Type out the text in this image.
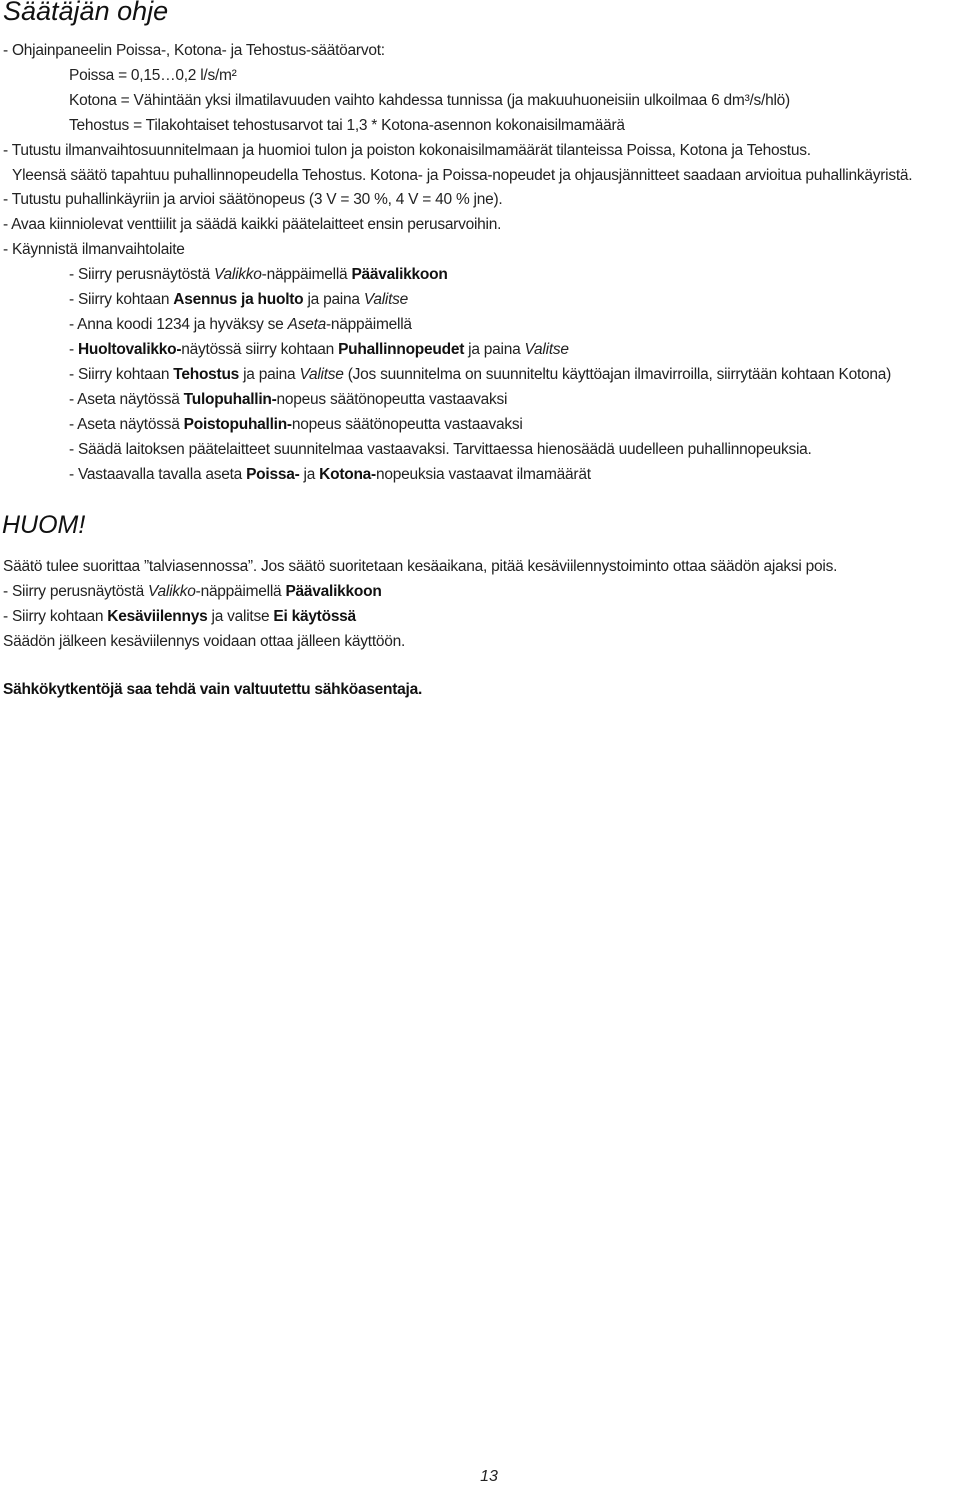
Säätäjän ohje
- Ohjainpaneelin Poissa-, Kotona- ja Tehostus-säätöarvot:
Poissa = 0,15…0,2 l/s/m²
Kotona = Vähintään yksi ilmatilavuuden vaihto kahdessa tunnissa (ja makuuhuoneisiin ulkoilmaa 6 dm³/s/hlö)
Tehostus = Tilakohtaiset tehostusarvot tai 1,3 * Kotona-asennon kokonaisilmamäärä
- Tutustu ilmanvaihtosuunnitelmaan ja huomioi tulon ja poiston kokonaisilmamäärät tilanteissa Poissa, Kotona ja Tehostus.
Yleensä säätö tapahtuu puhallinnopeudella Tehostus. Kotona- ja Poissa-nopeudet ja ohjausjännitteet saadaan arvioitua puhallinkäyristä.
- Tutustu puhallinkäyriin ja arvioi säätönopeus (3 V = 30 %, 4 V = 40 % jne).
- Avaa kiinniolevat venttiilit ja säädä kaikki päätelaitteet ensin perusarvoihin.
- Käynnistä ilmanvaihtolaite
- Siirry perusnäytöstä Valikko-näppäimellä Päävalikkoon
- Siirry kohtaan Asennus ja huolto ja paina Valitse
- Anna koodi 1234 ja hyväksy se Aseta-näppäimellä
- Huoltovalikko-näytössä siirry kohtaan Puhallinnopeudet ja paina Valitse
- Siirry kohtaan Tehostus ja paina Valitse (Jos suunnitelma on suunniteltu käyttöajan ilmavirroilla, siirrytään kohtaan Kotona)
- Aseta näytössä Tulopuhallin-nopeus säätönopeutta vastaavaksi
- Aseta näytössä Poistopuhallin-nopeus säätönopeutta vastaavaksi
- Säädä laitoksen päätelaitteet suunnitelmaa vastaavaksi. Tarvittaessa hienosäädä uudelleen puhallinnopeuksia.
- Vastaavalla tavalla aseta Poissa- ja Kotona-nopeuksia vastaavat ilmamäärät
HUOM!
Säätö tulee suorittaa ”talviasennossa”. Jos säätö suoritetaan kesäaikana, pitää kesäviilennystoiminto ottaa säädön ajaksi pois.
- Siirry perusnäytöstä Valikko-näppäimellä Päävalikkoon
- Siirry kohtaan Kesäviilennys ja valitse Ei käytössä
Säädön jälkeen kesäviilennys voidaan ottaa jälleen käyttöön.
Sähkökytkentöjä saa tehdä vain valtuutettu sähköasentaja.
13
